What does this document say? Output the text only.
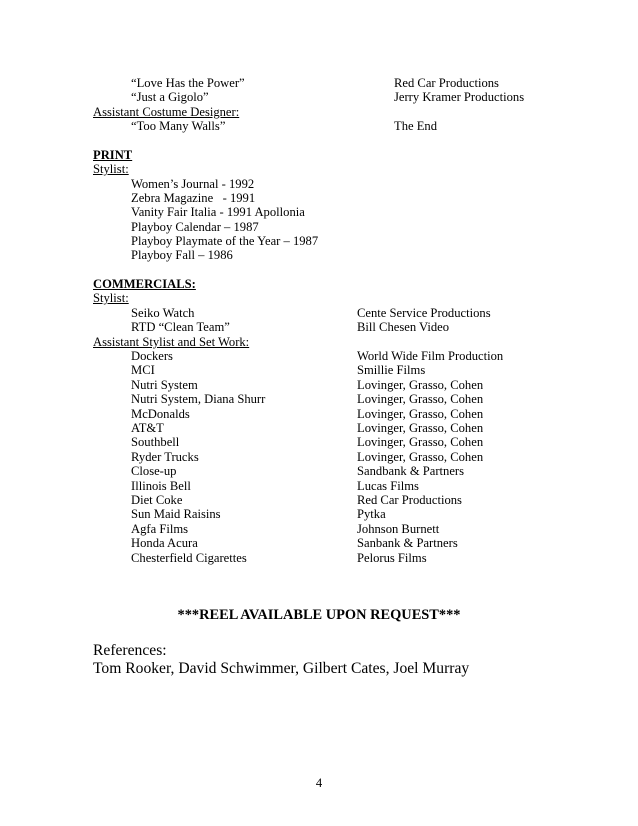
“Love Has the Power”	Red Car Productions
“Just a Gigolo”	Jerry Kramer Productions
Assistant Costume Designer:
“Too Many Walls”	The End
PRINT
Stylist:
Women’s Journal - 1992
Zebra Magazine   - 1991
Vanity Fair Italia - 1991 Apollonia
Playboy Calendar – 1987
Playboy Playmate of the Year – 1987
Playboy Fall – 1986
COMMERCIALS:
Stylist:
Seiko Watch	Cente Service Productions
RTD “Clean Team”	Bill Chesen Video
Assistant Stylist and Set Work:
Dockers	World Wide Film Production
MCI	Smillie Films
Nutri System	Lovinger, Grasso, Cohen
Nutri System, Diana Shurr	Lovinger, Grasso, Cohen
McDonalds	Lovinger, Grasso, Cohen
AT&T	Lovinger, Grasso, Cohen
Southbell	Lovinger, Grasso, Cohen
Ryder Trucks	Lovinger, Grasso, Cohen
Close-up	Sandbank & Partners
Illinois Bell	Lucas Films
Diet Coke	Red Car Productions
Sun Maid Raisins	Pytka
Agfa Films	Johnson Burnett
Honda Acura	Sanbank & Partners
Chesterfield Cigarettes	Pelorus Films
***REEL AVAILABLE UPON REQUEST***
References:
Tom Rooker, David Schwimmer, Gilbert Cates, Joel Murray
4
